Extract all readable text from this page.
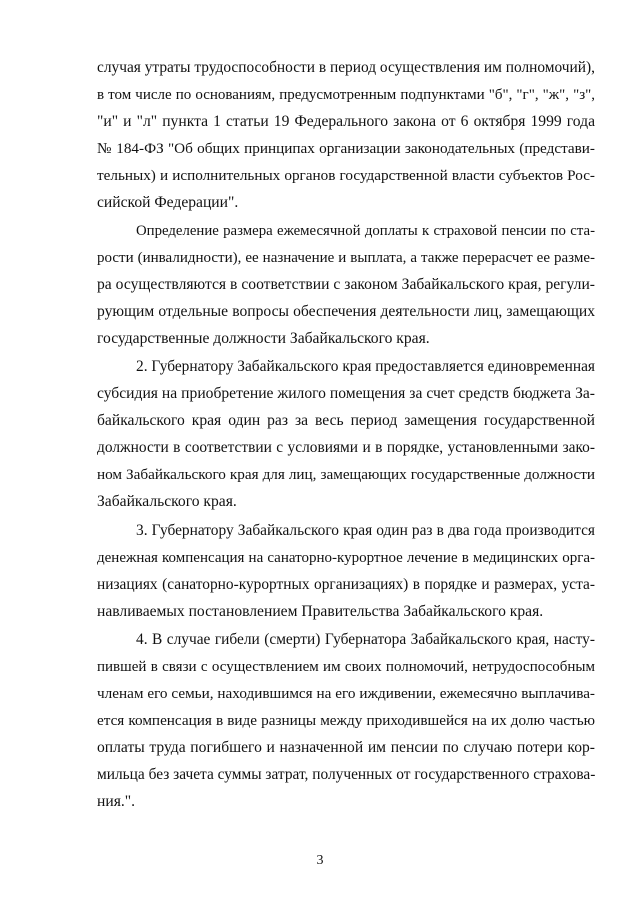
случая утраты трудоспособности в период осуществления им полномочий),
в том числе по основаниям, предусмотренным подпунктами "б", "г", "ж", "з",
"и" и "л" пункта 1 статьи 19 Федерального закона от 6 октября 1999 года
№ 184-ФЗ "Об общих принципах организации законодательных (представи-
тельных) и исполнительных органов государственной власти субъектов Рос-
сийской Федерации".
Определение размера ежемесячной доплаты к страховой пенсии по ста-
рости (инвалидности), ее назначение и выплата, а также перерасчет ее разме-
ра осуществляются в соответствии с законом Забайкальского края, регули-
рующим отдельные вопросы обеспечения деятельности лиц, замещающих
государственные должности Забайкальского края.
2. Губернатору Забайкальского края предоставляется единовременная
субсидия на приобретение жилого помещения за счет средств бюджета За-
байкальского края один раз за весь период замещения государственной
должности в соответствии с условиями и в порядке, установленными зако-
ном Забайкальского края для лиц, замещающих государственные должности
Забайкальского края.
3. Губернатору Забайкальского края один раз в два года производится
денежная компенсация на санаторно-курортное лечение в медицинских орга-
низациях (санаторно-курортных организациях) в порядке и размерах, уста-
навливаемых постановлением Правительства Забайкальского края.
4. В случае гибели (смерти) Губернатора Забайкальского края, насту-
пившей в связи с осуществлением им своих полномочий, нетрудоспособным
членам его семьи, находившимся на его иждивении, ежемесячно выплачива-
ется компенсация в виде разницы между приходившейся на их долю частью
оплаты труда погибшего и назначенной им пенсии по случаю потери кор-
мильца без зачета суммы затрат, полученных от государственного страхова-
ния.".
3
